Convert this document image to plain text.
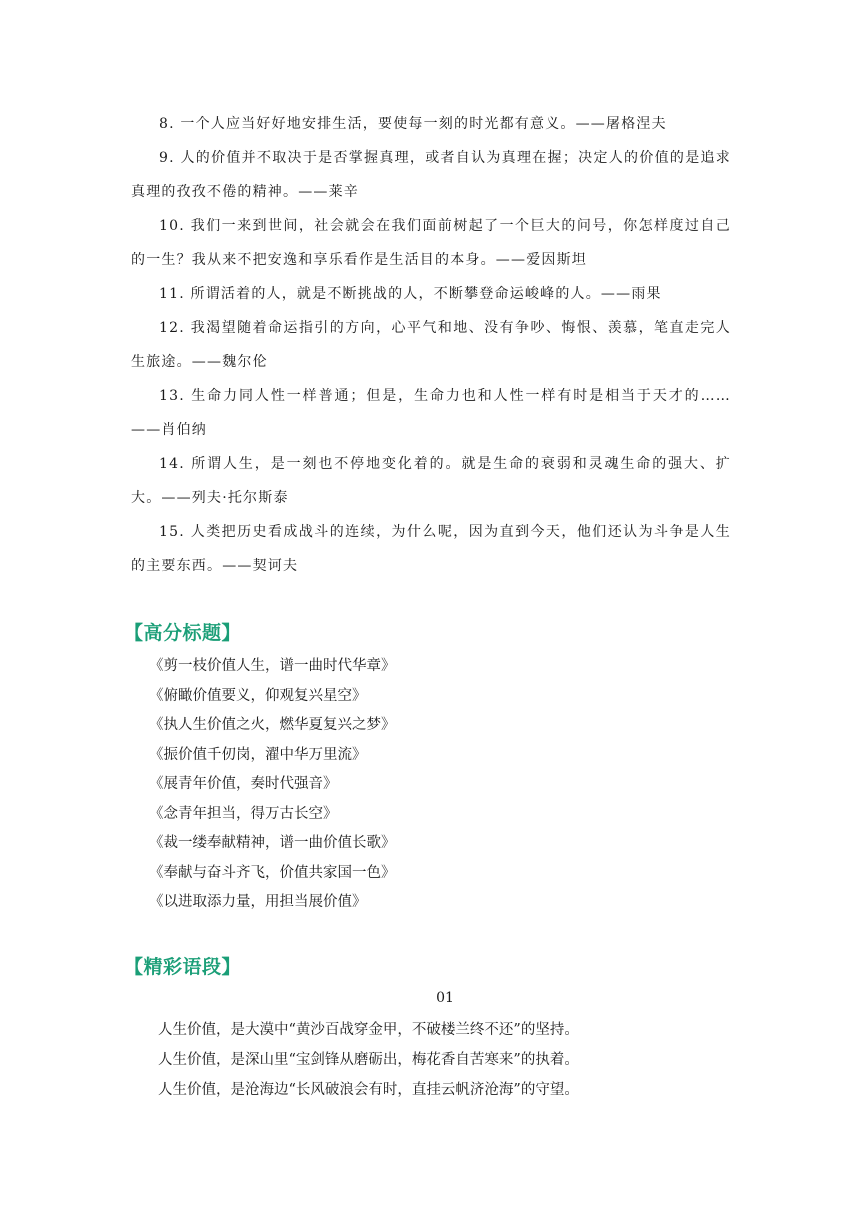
8. 一个人应当好好地安排生活，要使每一刻的时光都有意义。——屠格涅夫

9. 人的价值并不取决于是否掌握真理，或者自认为真理在握；决定人的价值的是追求真理的孜孜不倦的精神。——莱辛

10. 我们一来到世间，社会就会在我们面前树起了一个巨大的问号，你怎样度过自己的一生？我从来不把安逸和享乐看作是生活目的本身。——爱因斯坦

11. 所谓活着的人，就是不断挑战的人，不断攀登命运峻峰的人。——雨果

12. 我渴望随着命运指引的方向，心平气和地、没有争吵、悔恨、羡慕，笔直走完人生旅途。——魏尔伦

13. 生命力同人性一样普通；但是，生命力也和人性一样有时是相当于天才的……——肖伯纳

14. 所谓人生，是一刻也不停地变化着的。就是生命的衰弱和灵魂生命的强大、扩大。——列夫·托尔斯泰

15. 人类把历史看成战斗的连续，为什么呢，因为直到今天，他们还认为斗争是人生的主要东西。——契诃夫

【高分标题】

《剪一枝价值人生，谱一曲时代华章》

《俯瞰价值要义，仰观复兴星空》

《执人生价值之火，燃华夏复兴之梦》

《振价值千仞岗，濯中华万里流》

《展青年价值，奏时代强音》

《念青年担当，得万古长空》

《裁一缕奉献精神，谱一曲价值长歌》

《奉献与奋斗齐飞，价值共家国一色》

《以进取添力量，用担当展价值》

【精彩语段】

01

人生价值，是大漠中“黄沙百战穿金甲，不破楼兰终不还”的坚持。

人生价值，是深山里“宝剑锋从磨砺出，梅花香自苦寒来”的执着。

人生价值，是沧海边“长风破浪会有时，直挂云帆济沧海”的守望。
